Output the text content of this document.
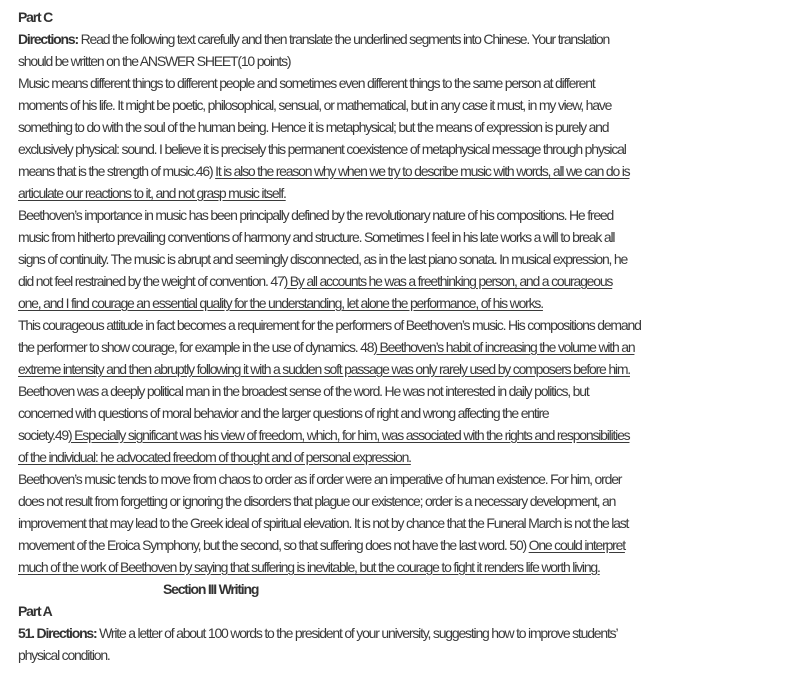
Part C
Directions: Read the following text carefully and then translate the underlined segments into Chinese. Your translation
should be written on the ANSWER SHEET(10 points)
Music means different things to different people and sometimes even different things to the same person at different
moments of his life. It might be poetic, philosophical, sensual, or mathematical, but in any case it must, in my view, have
something to do with the soul of the human being. Hence it is metaphysical; but the means of expression is purely and
exclusively physical: sound. I believe it is precisely this permanent coexistence of metaphysical message through physical
means that is the strength of music.46) It is also the reason why when we try to describe music with words, all we can do is
articulate our reactions to it, and not grasp music itself.
Beethoven’s importance in music has been principally defined by the revolutionary nature of his compositions. He freed
music from hitherto prevailing conventions of harmony and structure. Sometimes I feel in his late works a will to break all
signs of continuity. The music is abrupt and seemingly disconnected, as in the last piano sonata. In musical expression, he
did not feel restrained by the weight of convention. 47) By all accounts he was a freethinking person, and a courageous
one, and I find courage an essential quality for the understanding, let alone the performance, of his works.
This courageous attitude in fact becomes a requirement for the performers of Beethoven’s music. His compositions demand
the performer to show courage, for example in the use of dynamics. 48) Beethoven’s habit of increasing the volume with an
extreme intensity and then abruptly following it with a sudden soft passage was only rarely used by composers before him.
Beethoven was a deeply political man in the broadest sense of the word. He was not interested in daily politics, but
concerned with questions of moral behavior and the larger questions of right and wrong affecting the entire
society.49) Especially significant was his view of freedom, which, for him, was associated with the rights and responsibilities
of the individual: he advocated freedom of thought and of personal expression.
Beethoven’s music tends to move from chaos to order as if order were an imperative of human existence. For him, order
does not result from forgetting or ignoring the disorders that plague our existence; order is a necessary development, an
improvement that may lead to the Greek ideal of spiritual elevation. It is not by chance that the Funeral March is not the last
movement of the Eroica Symphony, but the second, so that suffering does not have the last word. 50) One could interpret
much of the work of Beethoven by saying that suffering is inevitable, but the courage to fight it renders life worth living.
Section III Writing
Part A
51. Directions: Write a letter of about 100 words to the president of your university, suggesting how to improve students’
physical condition.
